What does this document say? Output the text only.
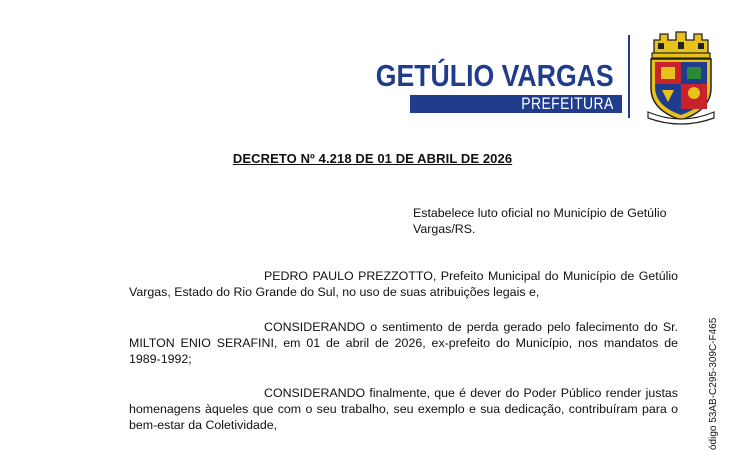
GETÚLIO VARGAS
PREFEITURA
DECRETO Nº 4.218 DE 01 DE ABRIL DE 2026
Estabelece luto oficial no Município de Getúlio Vargas/RS.
PEDRO PAULO PREZZOTTO, Prefeito Municipal do Município de Getúlio Vargas, Estado do Rio Grande do Sul, no uso de suas atribuições legais e,
CONSIDERANDO o sentimento de perda gerado pelo falecimento do Sr. MILTON ENIO SERAFINI, em 01 de abril de 2026, ex-prefeito do Município, nos mandatos de 1989-1992;
CONSIDERANDO finalmente, que é dever do Poder Público render justas homenagens àqueles que com o seu trabalho, seu exemplo e sua dedicação, contribuíram para o bem-estar da Coletividade,	ódigo 53AB-C295-309C-F465
